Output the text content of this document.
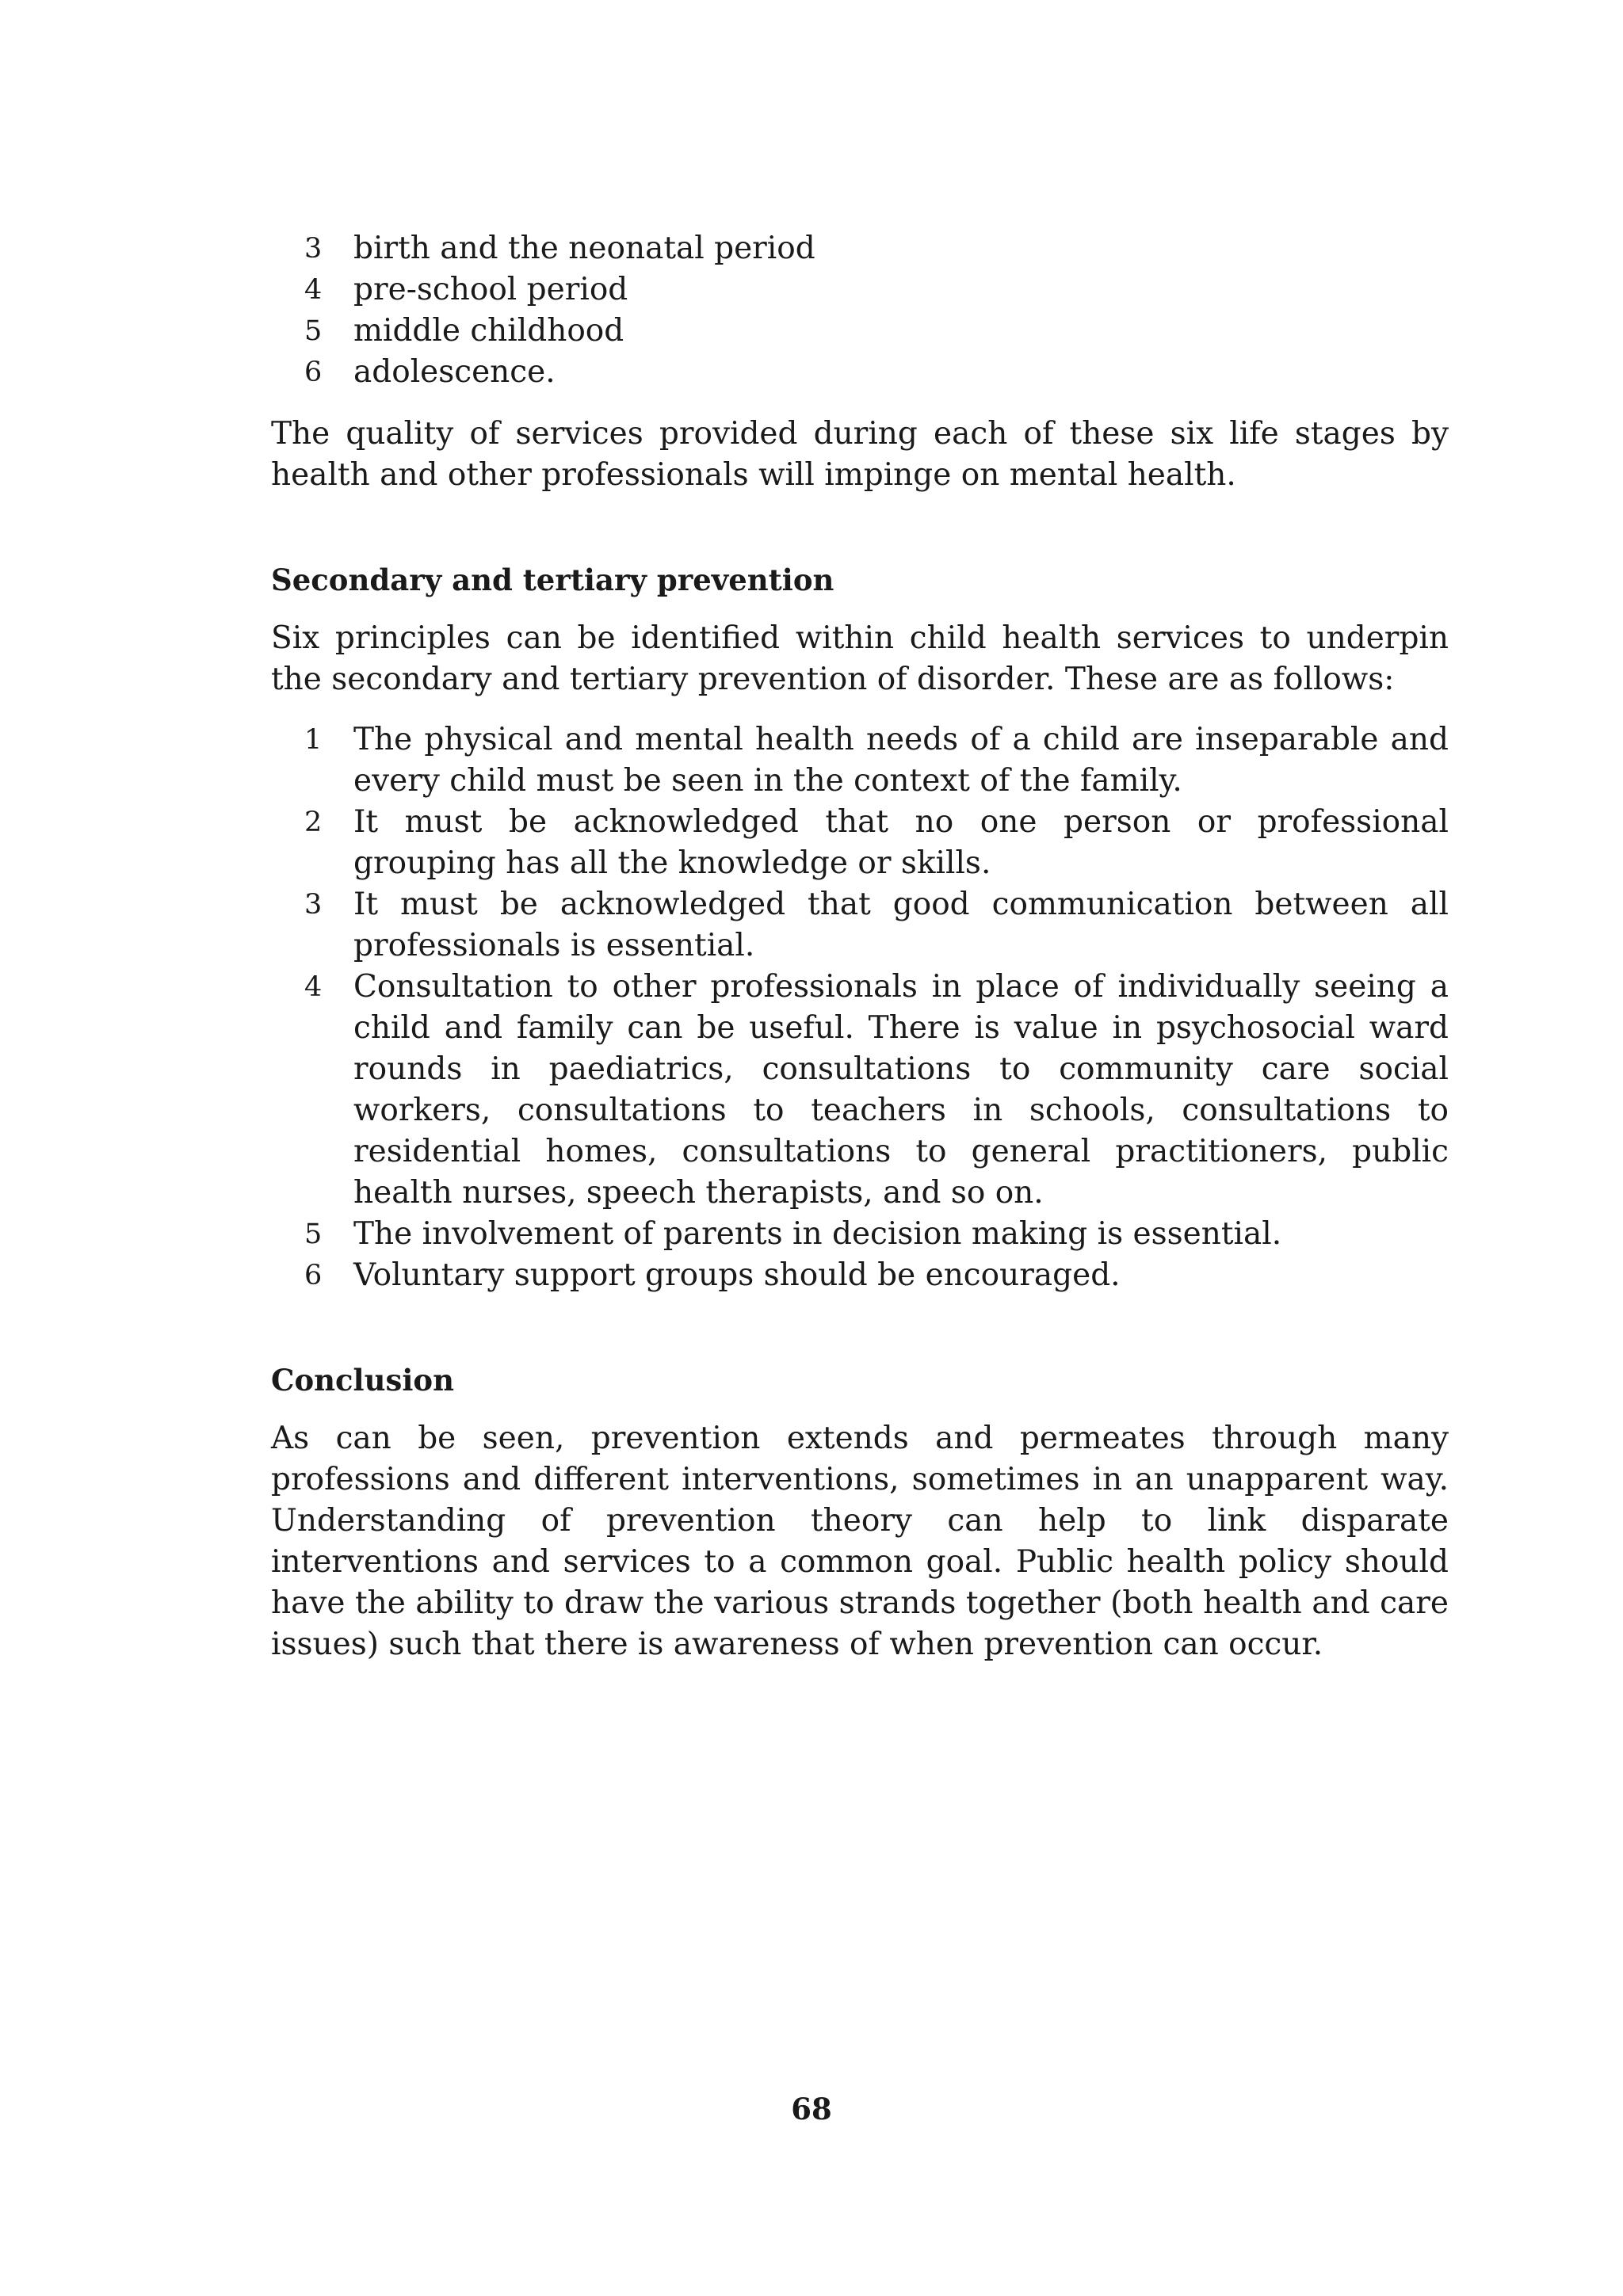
3	birth and the neonatal period
4	pre-school period
5	middle childhood
6	adolescence.

The quality of services provided during each of these six life stages by health and other professionals will impinge on mental health.

Secondary and tertiary prevention

Six principles can be identified within child health services to underpin the secondary and tertiary prevention of disorder. These are as follows:

1	The physical and mental health needs of a child are inseparable and every child must be seen in the context of the family.
2	It must be acknowledged that no one person or professional grouping has all the knowledge or skills.
3	It must be acknowledged that good communication between all professionals is essential.
4	Consultation to other professionals in place of individually seeing a child and family can be useful. There is value in psychosocial ward rounds in paediatrics, consultations to community care social workers, consultations to teachers in schools, consultations to residential homes, consultations to general practitioners, public health nurses, speech therapists, and so on.
5	The involvement of parents in decision making is essential.
6	Voluntary support groups should be encouraged.
Conclusion

As can be seen, prevention extends and permeates through many professions and different interventions, sometimes in an unapparent way. Understanding of prevention theory can help to link disparate interventions and services to a common goal. Public health policy should have the ability to draw the various strands together (both health and care issues) such that there is awareness of when prevention can occur.

68
